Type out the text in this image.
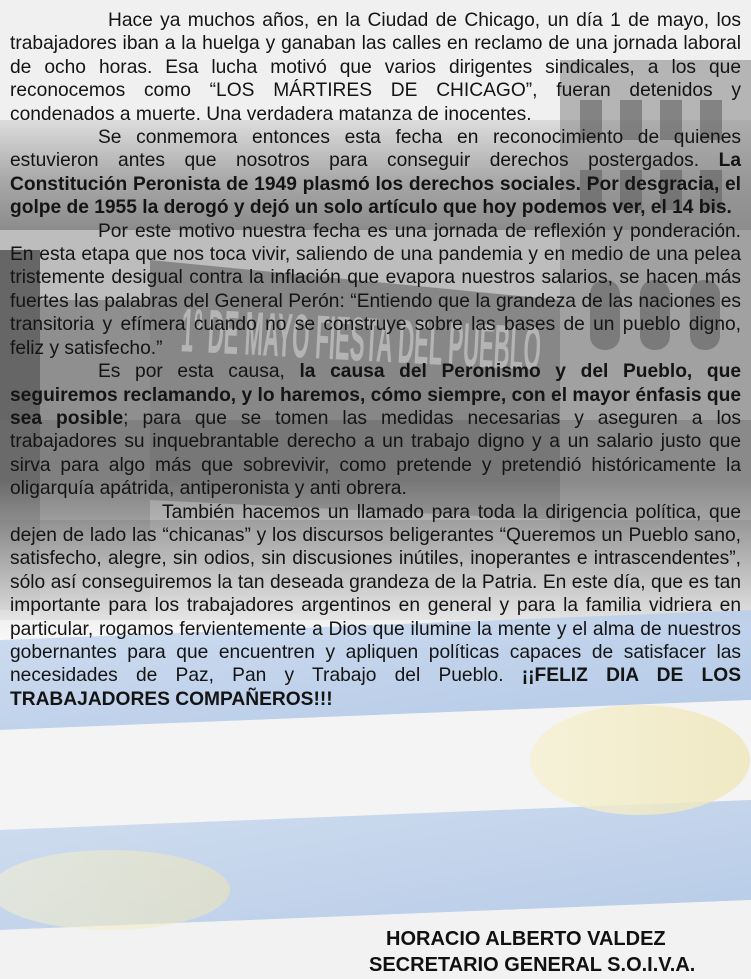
Hace ya muchos años, en la Ciudad de Chicago, un día 1 de mayo, los trabajadores iban a la huelga y ganaban las calles en reclamo de una jornada laboral de ocho horas. Esa lucha motivó que varios dirigentes sindicales, a los que reconocemos como “LOS MÁRTIRES DE CHICAGO”, fueran detenidos y condenados a muerte. Una verdadera matanza de inocentes.

Se conmemora entonces esta fecha en reconocimiento de quienes estuvieron antes que nosotros para conseguir derechos postergados. La Constitución Peronista de 1949 plasmó los derechos sociales. Por desgracia, el golpe de 1955 la derogó y dejó un solo artículo que hoy podemos ver, el 14 bis.

Por este motivo nuestra fecha es una jornada de reflexión y ponderación. En esta etapa que nos toca vivir, saliendo de una pandemia y en medio de una pelea tristemente desigual contra la inflación que evapora nuestros salarios, se hacen más fuertes las palabras del General Perón: “Entiendo que la grandeza de las naciones es transitoria y efímera cuando no se construye sobre las bases de un pueblo digno, feliz y satisfecho.”

Es por esta causa, la causa del Peronismo y del Pueblo, que seguiremos reclamando, y lo haremos, cómo siempre, con el mayor énfasis que sea posible; para que se tomen las medidas necesarias y aseguren a los trabajadores su inquebrantable derecho a un trabajo digno y a un salario justo que sirva para algo más que sobrevivir, como pretende y pretendió históricamente la oligarquía apátrida, antiperonista y anti obrera.

También hacemos un llamado para toda la dirigencia política, que dejen de lado las “chicanas” y los discursos beligerantes “Queremos un Pueblo sano, satisfecho, alegre, sin odios, sin discusiones inútiles, inoperantes e intrascendentes”, sólo así conseguiremos la tan deseada grandeza de la Patria. En este día, que es tan importante para los trabajadores argentinos en general y para la familia vidriera en particular, rogamos fervientemente a Dios que ilumine la mente y el alma de nuestros gobernantes para que encuentren y apliquen políticas capaces de satisfacer las necesidades de Paz, Pan y Trabajo del Pueblo. ¡¡FELIZ DIA DE LOS TRABAJADORES COMPAÑEROS!!!

HORACIO ALBERTO VALDEZ
SECRETARIO GENERAL S.O.I.V.A.
